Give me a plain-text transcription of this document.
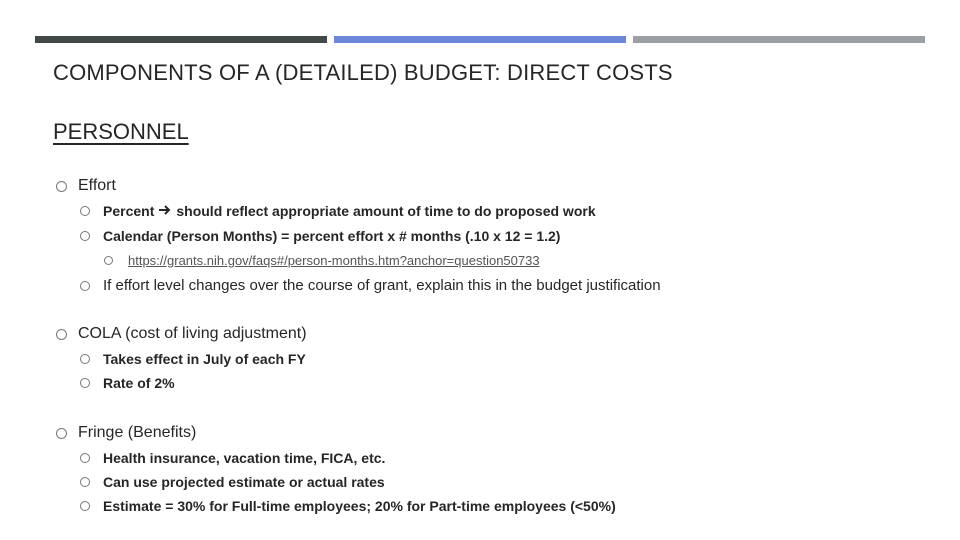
COMPONENTS OF A (DETAILED) BUDGET: DIRECT COSTS
PERSONNEL
Effort
Percent should reflect appropriate amount of time to do proposed work
Calendar (Person Months) = percent effort x # months (.10 x 12 = 1.2)
https://grants.nih.gov/faqs#/person-months.htm?anchor=question50733
If effort level changes over the course of grant, explain this in the budget justification
COLA (cost of living adjustment)
Takes effect in July of each FY
Rate of 2%
Fringe (Benefits)
Health insurance, vacation time, FICA, etc.
Can use projected estimate or actual rates
Estimate = 30% for Full-time employees; 20% for Part-time employees (<50%)
